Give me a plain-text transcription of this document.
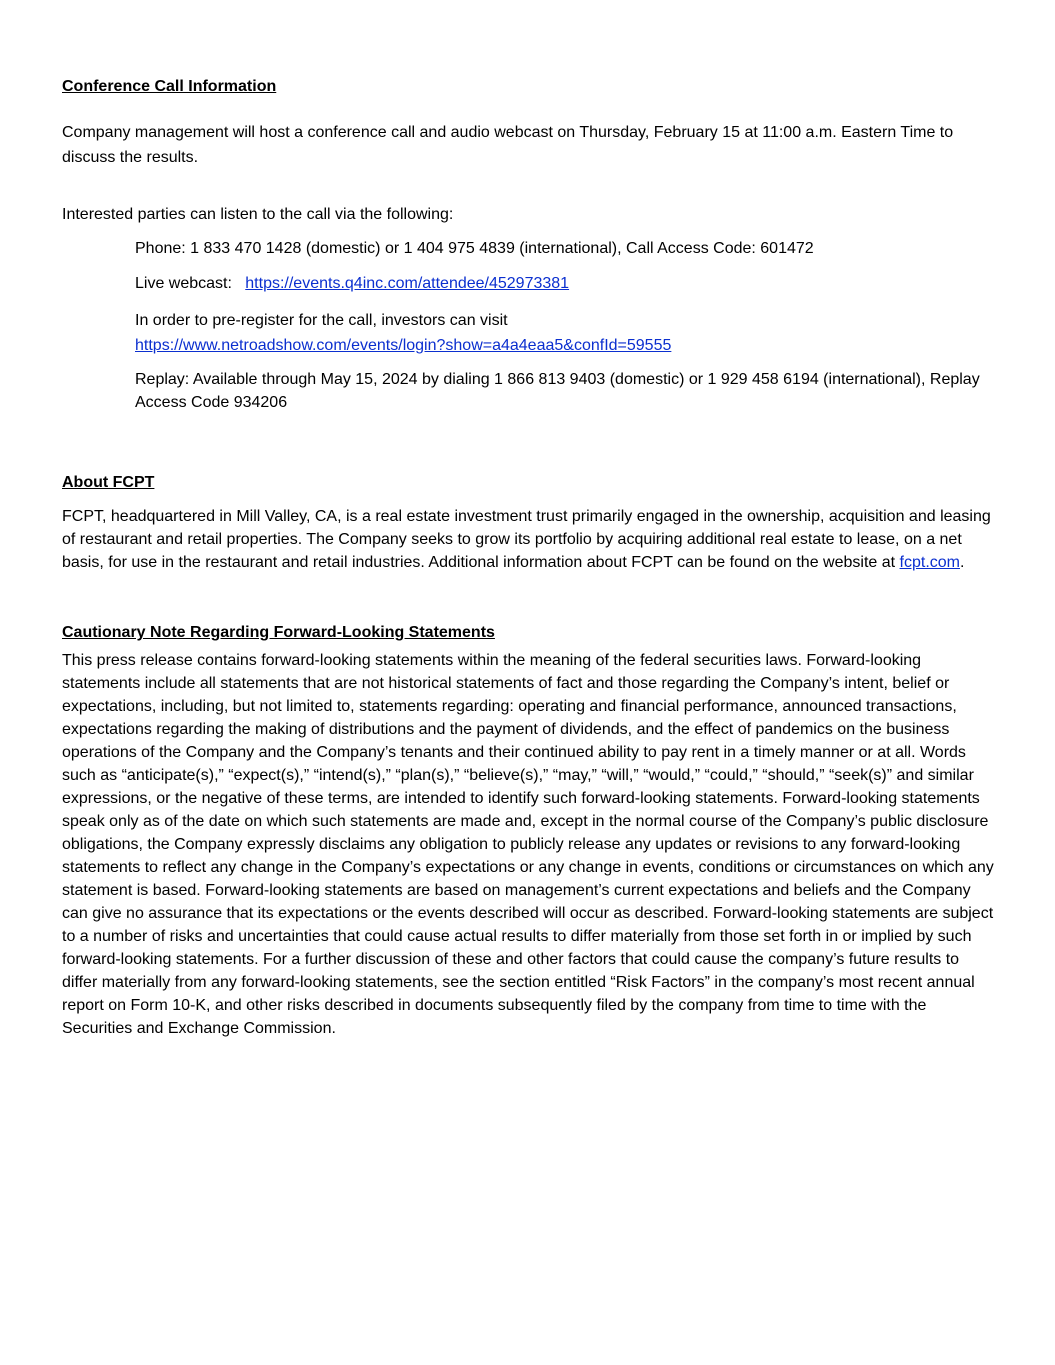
Conference Call Information

Company management will host a conference call and audio webcast on Thursday, February 15 at 11:00 a.m. Eastern Time to discuss the results.

Interested parties can listen to the call via the following:

Phone: 1 833 470 1428 (domestic) or 1 404 975 4839 (international), Call Access Code: 601472

Live webcast: https://events.q4inc.com/attendee/452973381

In order to pre-register for the call, investors can visit
https://www.netroadshow.com/events/login?show=a4a4eaa5&confId=59555

Replay: Available through May 15, 2024 by dialing 1 866 813 9403 (domestic) or 1 929 458 6194 (international), Replay Access Code 934206

About FCPT

FCPT, headquartered in Mill Valley, CA, is a real estate investment trust primarily engaged in the ownership, acquisition and leasing of restaurant and retail properties. The Company seeks to grow its portfolio by acquiring additional real estate to lease, on a net basis, for use in the restaurant and retail industries. Additional information about FCPT can be found on the website at fcpt.com.

Cautionary Note Regarding Forward-Looking Statements

This press release contains forward-looking statements within the meaning of the federal securities laws. Forward-looking statements include all statements that are not historical statements of fact and those regarding the Company’s intent, belief or expectations, including, but not limited to, statements regarding: operating and financial performance, announced transactions, expectations regarding the making of distributions and the payment of dividends, and the effect of pandemics on the business operations of the Company and the Company’s tenants and their continued ability to pay rent in a timely manner or at all. Words such as “anticipate(s),” “expect(s),” “intend(s),” “plan(s),” “believe(s),” “may,” “will,” “would,” “could,” “should,” “seek(s)” and similar expressions, or the negative of these terms, are intended to identify such forward-looking statements. Forward-looking statements speak only as of the date on which such statements are made and, except in the normal course of the Company’s public disclosure obligations, the Company expressly disclaims any obligation to publicly release any updates or revisions to any forward-looking statements to reflect any change in the Company’s expectations or any change in events, conditions or circumstances on which any statement is based. Forward-looking statements are based on management’s current expectations and beliefs and the Company can give no assurance that its expectations or the events described will occur as described. Forward-looking statements are subject to a number of risks and uncertainties that could cause actual results to differ materially from those set forth in or implied by such forward-looking statements. For a further discussion of these and other factors that could cause the company’s future results to differ materially from any forward-looking statements, see the section entitled “Risk Factors” in the company’s most recent annual report on Form 10-K, and other risks described in documents subsequently filed by the company from time to time with the Securities and Exchange Commission.
